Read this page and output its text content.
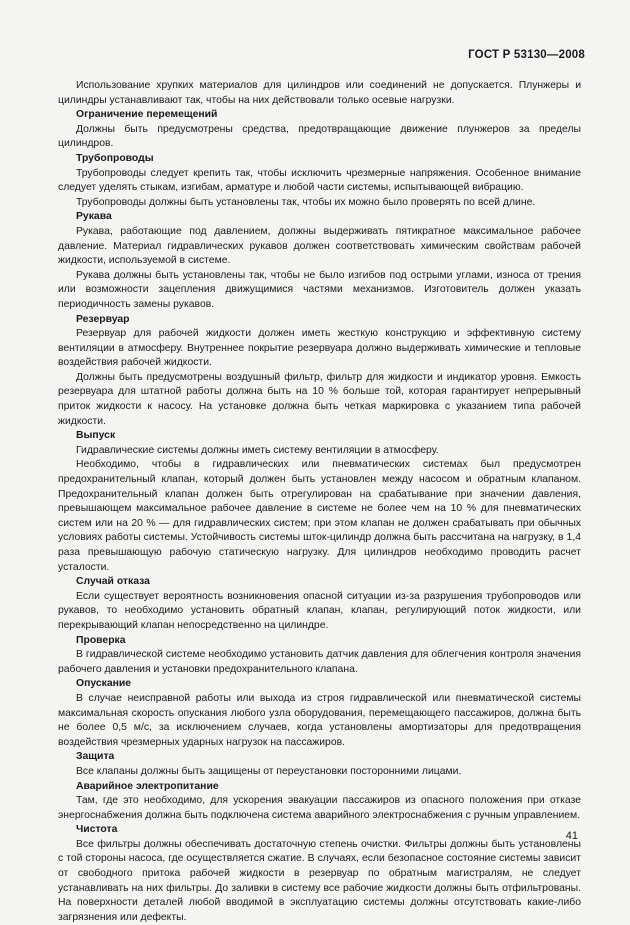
ГОСТ Р 53130—2008

Использование хрупких материалов для цилиндров или соединений не допускается. Плунжеры и цилиндры устанавливают так, чтобы на них действовали только осевые нагрузки.

Ограничение перемещений

Должны быть предусмотрены средства, предотвращающие движение плунжеров за пределы цилиндров.

Трубопроводы

Трубопроводы следует крепить так, чтобы исключить чрезмерные напряжения. Особенное внимание следует уделять стыкам, изгибам, арматуре и любой части системы, испытывающей вибрацию.

Трубопроводы должны быть установлены так, чтобы их можно было проверять по всей длине.

Рукава

Рукава, работающие под давлением, должны выдерживать пятикратное максимальное рабочее давление. Материал гидравлических рукавов должен соответствовать химическим свойствам рабочей жидкости, используемой в системе.

Рукава должны быть установлены так, чтобы не было изгибов под острыми углами, износа от трения или возможности зацепления движущимися частями механизмов. Изготовитель должен указать периодичность замены рукавов.

Резервуар

Резервуар для рабочей жидкости должен иметь жесткую конструкцию и эффективную систему вентиляции в атмосферу. Внутреннее покрытие резервуара должно выдерживать химические и тепловые воздействия рабочей жидкости.

Должны быть предусмотрены воздушный фильтр, фильтр для жидкости и индикатор уровня. Емкость резервуара для штатной работы должна быть на 10 % больше той, которая гарантирует непрерывный приток жидкости к насосу. На установке должна быть четкая маркировка с указанием типа рабочей жидкости.

Выпуск

Гидравлические системы должны иметь систему вентиляции в атмосферу.

Необходимо, чтобы в гидравлических или пневматических системах был предусмотрен предохранительный клапан, который должен быть установлен между насосом и обратным клапаном. Предохранительный клапан должен быть отрегулирован на срабатывание при значении давления, превышающем максимальное рабочее давление в системе не более чем на 10 % для пневматических систем или на 20 % — для гидравлических систем; при этом клапан не должен срабатывать при обычных условиях работы системы. Устойчивость системы шток-цилиндр должна быть рассчитана на нагрузку, в 1,4 раза превышающую рабочую статическую нагрузку. Для цилиндров необходимо проводить расчет усталости.

Случай отказа

Если существует вероятность возникновения опасной ситуации из-за разрушения трубопроводов или рукавов, то необходимо установить обратный клапан, клапан, регулирующий поток жидкости, или перекрывающий клапан непосредственно на цилиндре.

Проверка

В гидравлической системе необходимо установить датчик давления для облегчения контроля значения рабочего давления и установки предохранительного клапана.

Опускание

В случае неисправной работы или выхода из строя гидравлической или пневматической системы максимальная скорость опускания любого узла оборудования, перемещающего пассажиров, должна быть не более 0,5 м/с, за исключением случаев, когда установлены амортизаторы для предотвращения воздействия чрезмерных ударных нагрузок на пассажиров.

Защита

Все клапаны должны быть защищены от переустановки посторонними лицами.

Аварийное электропитание

Там, где это необходимо, для ускорения эвакуации пассажиров из опасного положения при отказе энергоснабжения должна быть подключена система аварийного электроснабжения с ручным управлением.

Чистота

Все фильтры должны обеспечивать достаточную степень очистки. Фильтры должны быть установлены с той стороны насоса, где осуществляется сжатие. В случаях, если безопасное состояние системы зависит от свободного притока рабочей жидкости в резервуар по обратным магистралям, не следует устанавливать на них фильтры. До заливки в систему все рабочие жидкости должны быть отфильтрованы. На поверхности деталей любой вводимой в эксплуатацию системы должны отсутствовать какие-либо загрязнения или дефекты.

41
